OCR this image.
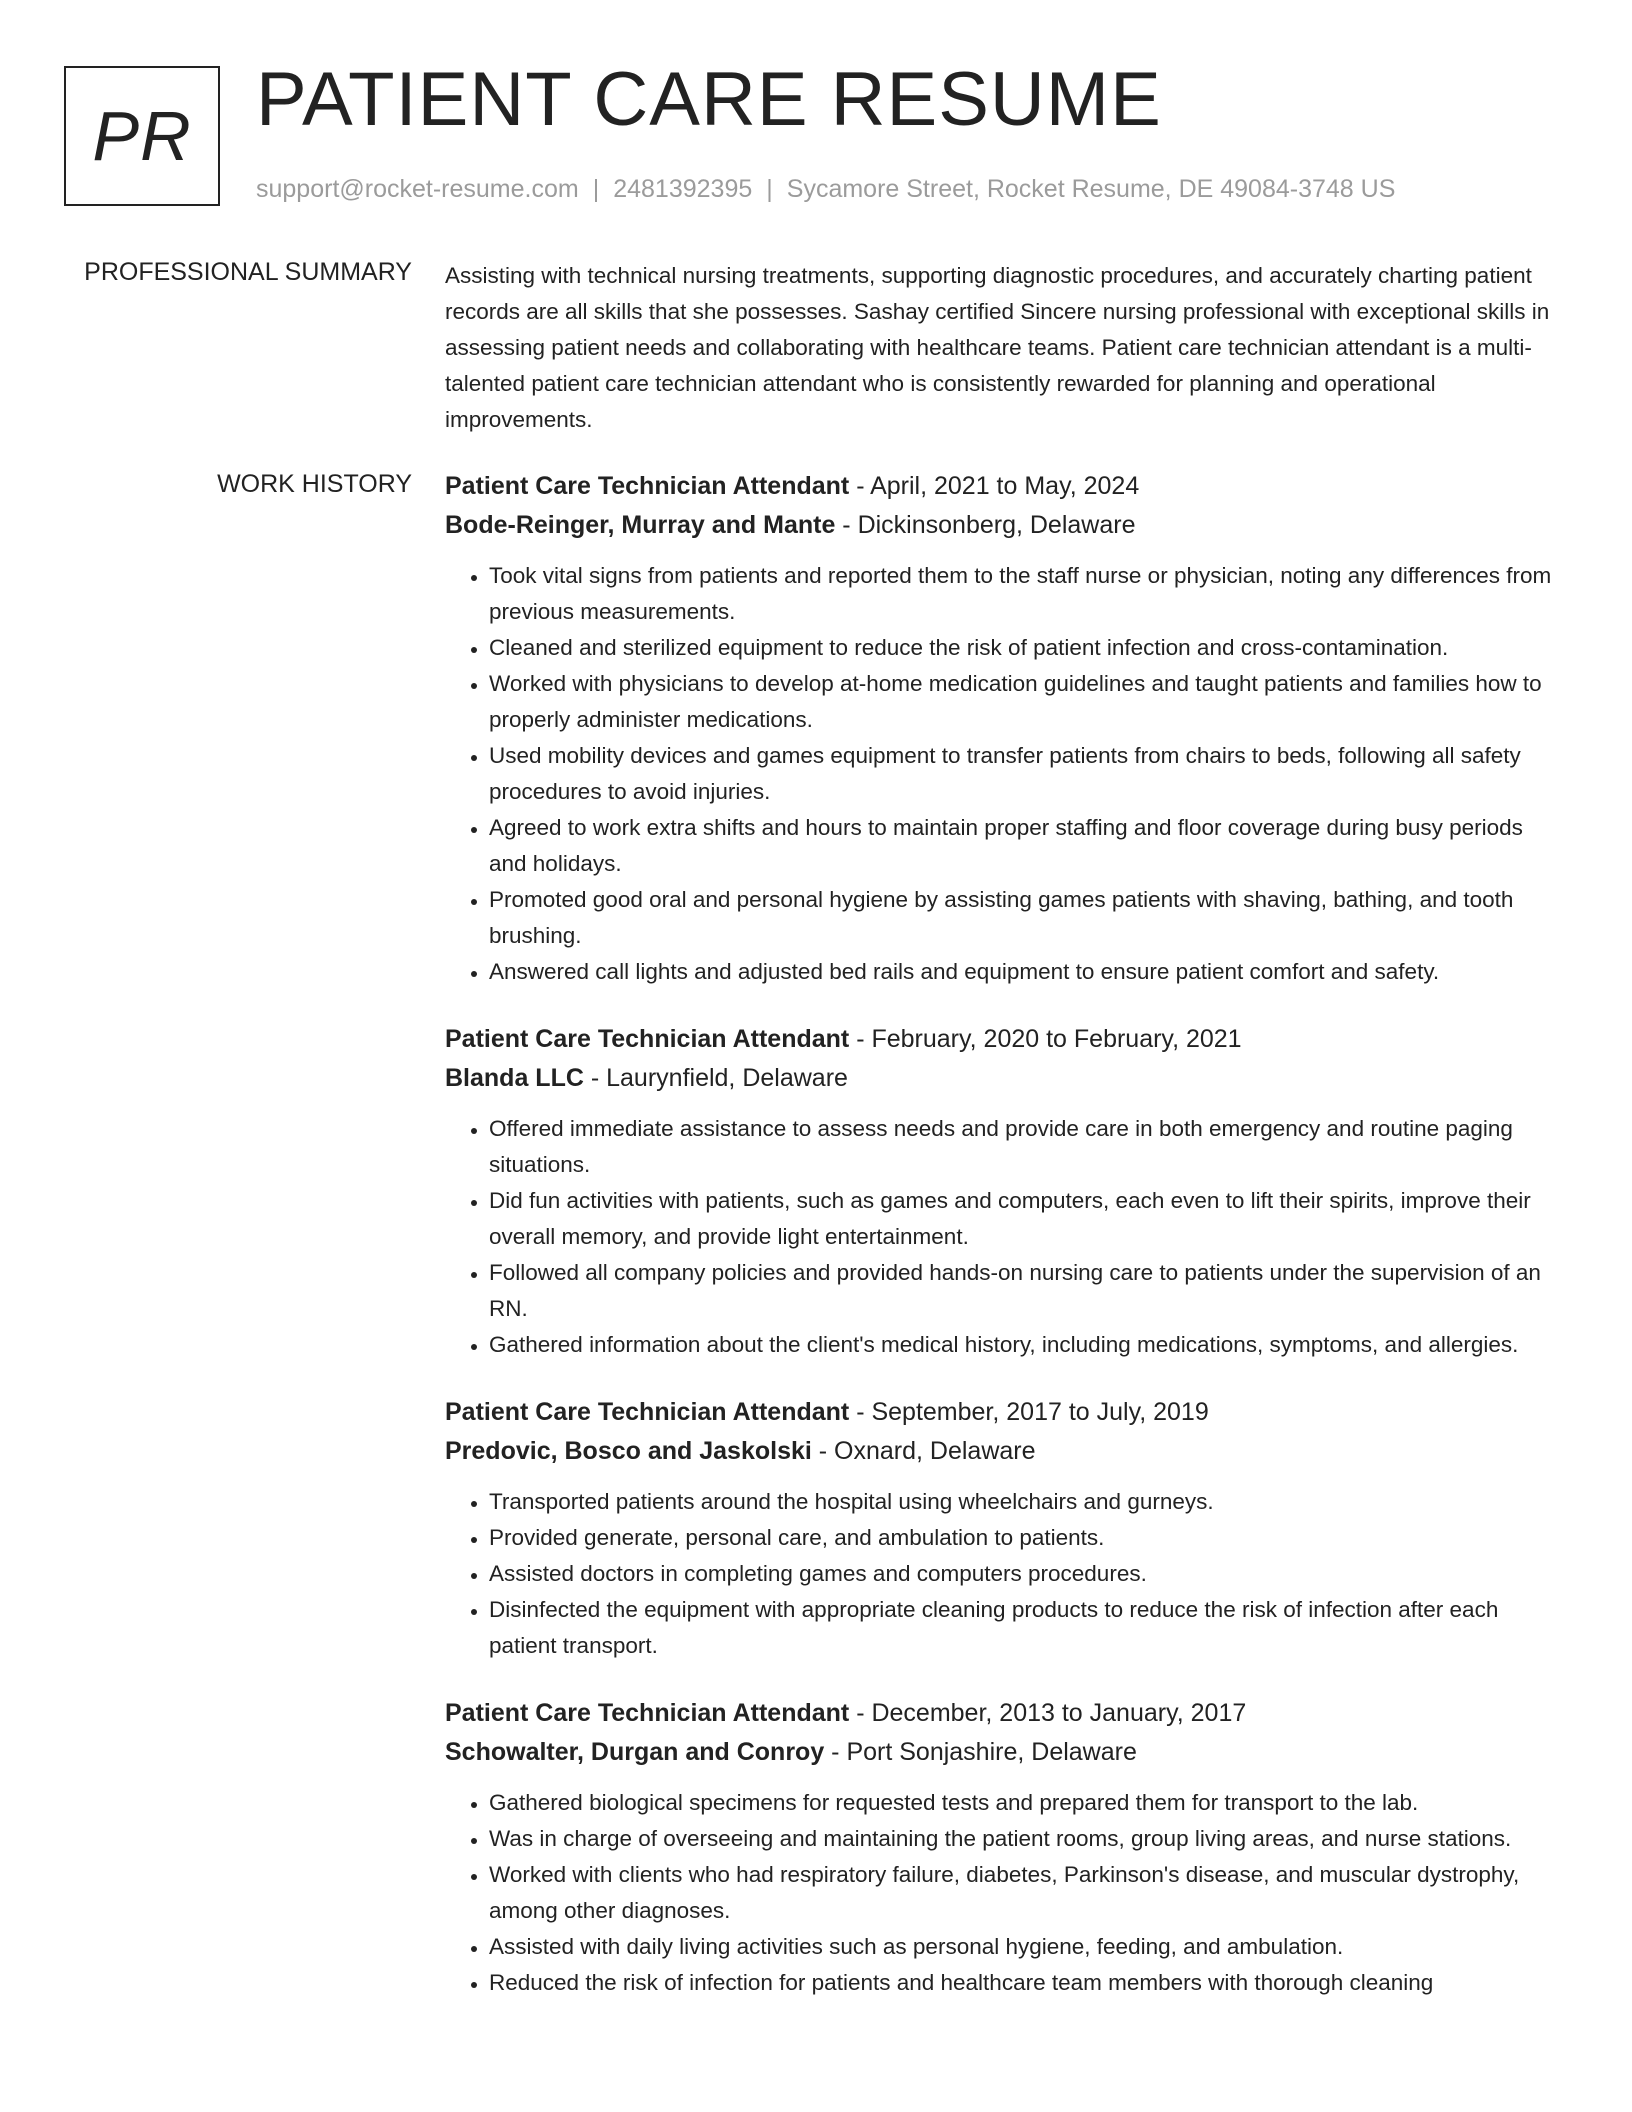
PR PATIENT CARE RESUME
support@rocket-resume.com | 2481392395 | Sycamore Street, Rocket Resume, DE 49084-3748 US
PROFESSIONAL SUMMARY Assisting with technical nursing treatments, supporting diagnostic procedures, and accurately charting patient records are all skills that she possesses. Sashay certified Sincere nursing professional with exceptional skills in assessing patient needs and collaborating with healthcare teams. Patient care technician attendant is a multi-talented patient care technician attendant who is consistently rewarded for planning and operational improvements.

WORK HISTORY Patient Care Technician Attendant - April, 2021 to May, 2024
Bode-Reinger, Murray and Mante - Dickinsonberg, Delaware
• Took vital signs from patients and reported them to the staff nurse or physician, noting any differences from previous measurements.
• Cleaned and sterilized equipment to reduce the risk of patient infection and cross-contamination.
• Worked with physicians to develop at-home medication guidelines and taught patients and families how to properly administer medications.
• Used mobility devices and games equipment to transfer patients from chairs to beds, following all safety procedures to avoid injuries.
• Agreed to work extra shifts and hours to maintain proper staffing and floor coverage during busy periods and holidays.
• Promoted good oral and personal hygiene by assisting games patients with shaving, bathing, and tooth brushing.
• Answered call lights and adjusted bed rails and equipment to ensure patient comfort and safety.
Patient Care Technician Attendant - February, 2020 to February, 2021
Blanda LLC - Laurynfield, Delaware
• Offered immediate assistance to assess needs and provide care in both emergency and routine paging situations.
• Did fun activities with patients, such as games and computers, each even to lift their spirits, improve their overall memory, and provide light entertainment.
• Followed all company policies and provided hands-on nursing care to patients under the supervision of an RN.
• Gathered information about the client's medical history, including medications, symptoms, and allergies.
Patient Care Technician Attendant - September, 2017 to July, 2019
Predovic, Bosco and Jaskolski - Oxnard, Delaware
• Transported patients around the hospital using wheelchairs and gurneys.
• Provided generate, personal care, and ambulation to patients.
• Assisted doctors in completing games and computers procedures.
• Disinfected the equipment with appropriate cleaning products to reduce the risk of infection after each patient transport.
Patient Care Technician Attendant - December, 2013 to January, 2017
Schowalter, Durgan and Conroy - Port Sonjashire, Delaware
• Gathered biological specimens for requested tests and prepared them for transport to the lab.
• Was in charge of overseeing and maintaining the patient rooms, group living areas, and nurse stations.
• Worked with clients who had respiratory failure, diabetes, Parkinson's disease, and muscular dystrophy, among other diagnoses.
• Assisted with daily living activities such as personal hygiene, feeding, and ambulation.
• Reduced the risk of infection for patients and healthcare team members with thorough cleaning
